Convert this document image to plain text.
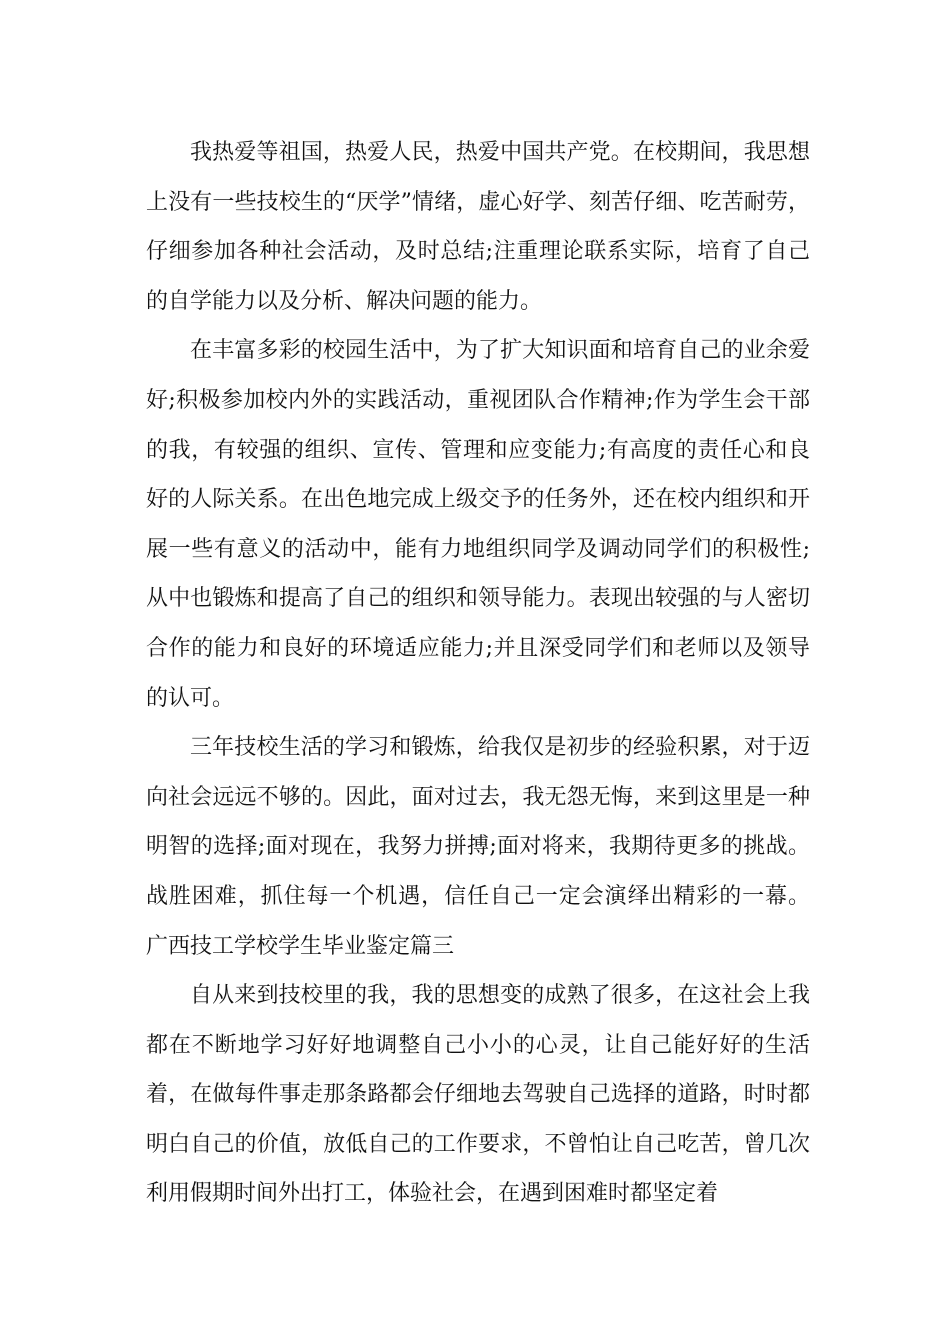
我热爱等祖国，热爱人民，热爱中国共产党。在校期间，我思想上没有一些技校生的“厌学”情绪，虚心好学、刻苦仔细、吃苦耐劳，仔细参加各种社会活动，及时总结;注重理论联系实际，培育了自己的自学能力以及分析、解决问题的能力。

在丰富多彩的校园生活中，为了扩大知识面和培育自己的业余爱好;积极参加校内外的实践活动，重视团队合作精神;作为学生会干部的我，有较强的组织、宣传、管理和应变能力;有高度的责任心和良好的人际关系。在出色地完成上级交予的任务外，还在校内组织和开展一些有意义的活动中，能有力地组织同学及调动同学们的积极性;从中也锻炼和提高了自己的组织和领导能力。表现出较强的与人密切合作的能力和良好的环境适应能力;并且深受同学们和老师以及领导的认可。

三年技校生活的学习和锻炼，给我仅是初步的经验积累，对于迈向社会远远不够的。因此，面对过去，我无怨无悔，来到这里是一种明智的选择;面对现在，我努力拼搏;面对将来，我期待更多的挑战。战胜困难，抓住每一个机遇，信任自己一定会演绎出精彩的一幕。 广西技工学校学生毕业鉴定篇三

自从来到技校里的我，我的思想变的成熟了很多，在这社会上我都在不断地学习好好地调整自己小小的心灵，让自己能好好的生活着，在做每件事走那条路都会仔细地去驾驶自己选择的道路，时时都明白自己的价值，放低自己的工作要求，不曾怕让自己吃苦，曾几次利用假期时间外出打工，体验社会，在遇到困难时都坚定着
